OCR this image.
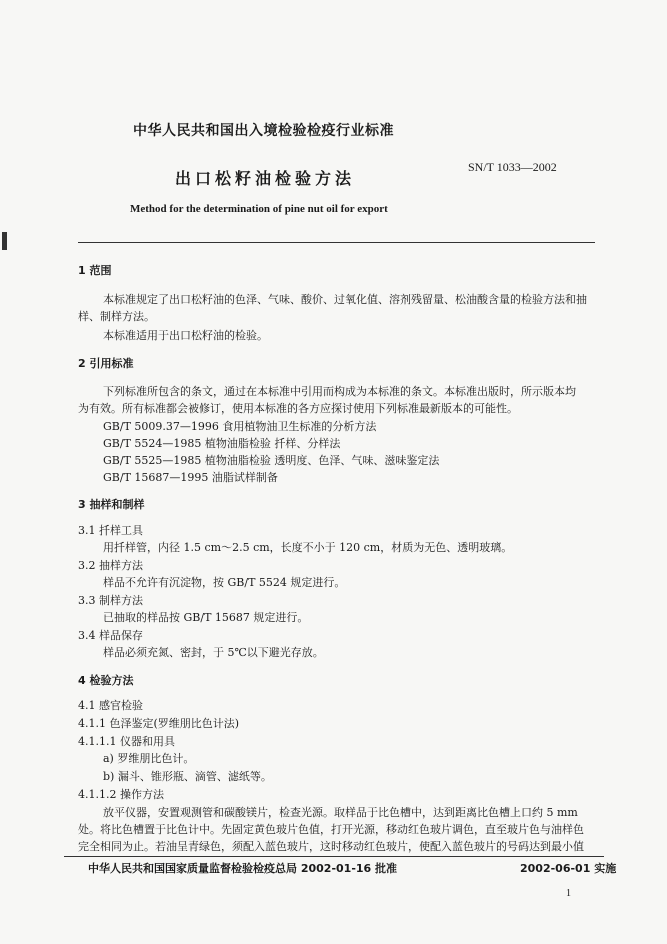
中华人民共和国出入境检验检疫行业标准
出口松籽油检验方法
SN/T 1033—2002
Method for the determination of pine nut oil for export
1 范围
本标准规定了出口松籽油的色泽、气味、酸价、过氧化值、溶剂残留量、松油酸含量的检验方法和抽
样、制样方法。
本标准适用于出口松籽油的检验。
2 引用标准
下列标准所包含的条文，通过在本标准中引用而构成为本标准的条文。本标准出版时，所示版本均
为有效。所有标准都会被修订，使用本标准的各方应探讨使用下列标准最新版本的可能性。
GB/T 5009.37—1996 食用植物油卫生标准的分析方法
GB/T 5524—1985 植物油脂检验 扦样、分样法
GB/T 5525—1985 植物油脂检验 透明度、色泽、气味、滋味鉴定法
GB/T 15687—1995 油脂试样制备
3 抽样和制样
3.1 扦样工具
用扦样管，内径 1.5 cm～2.5 cm，长度不小于 120 cm，材质为无色、透明玻璃。
3.2 抽样方法
样品不允许有沉淀物，按 GB/T 5524 规定进行。
3.3 制样方法
已抽取的样品按 GB/T 15687 规定进行。
3.4 样品保存
样品必须充氮、密封，于 5℃以下避光存放。
4 检验方法
4.1 感官检验
4.1.1 色泽鉴定(罗维朋比色计法)
4.1.1.1 仪器和用具
a) 罗维朋比色计。
b) 漏斗、锥形瓶、滴管、滤纸等。
4.1.1.2 操作方法
放平仪器，安置观测管和碳酸镁片，检查光源。取样品于比色槽中，达到距离比色槽上口约 5 mm
处。将比色槽置于比色计中。先固定黄色玻片色值，打开光源，移动红色玻片调色，直至玻片色与油样色
完全相同为止。若油呈青绿色，须配入蓝色玻片，这时移动红色玻片，使配入蓝色玻片的号码达到最小值
中华人民共和国国家质量监督检验检疫总局 2002-01-16 批准	2002-06-01 实施
1
